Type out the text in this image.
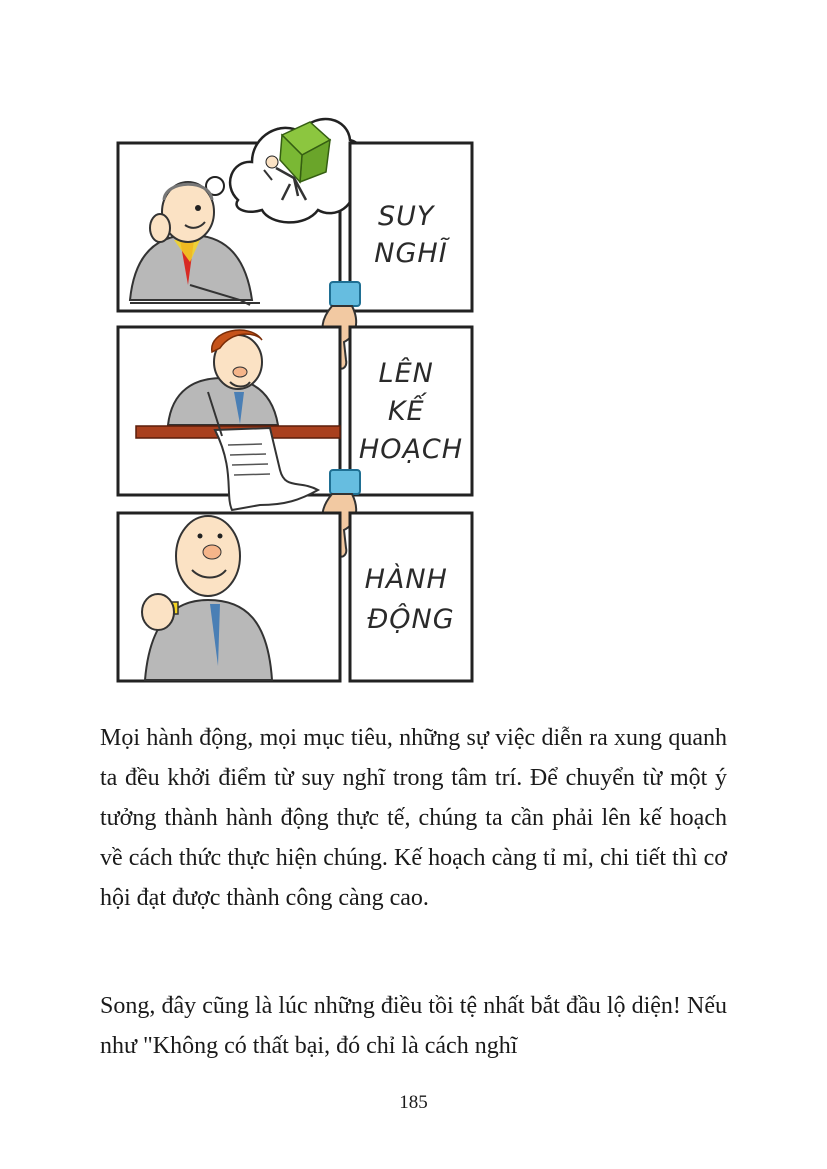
SUY NGHĨ
LÊN KẾ HOẠCH
HÀNH ĐỘNG

Mọi hành động, mọi mục tiêu, những sự việc diễn ra xung quanh ta đều khởi điểm từ suy nghĩ trong tâm trí. Để chuyển từ một ý tưởng thành hành động thực tế, chúng ta cần phải lên kế hoạch về cách thức thực hiện chúng. Kế hoạch càng tỉ mỉ, chi tiết thì cơ hội đạt được thành công càng cao.

Song, đây cũng là lúc những điều tồi tệ nhất bắt đầu lộ diện! Nếu như "Không có thất bại, đó chỉ là cách nghĩ

185
